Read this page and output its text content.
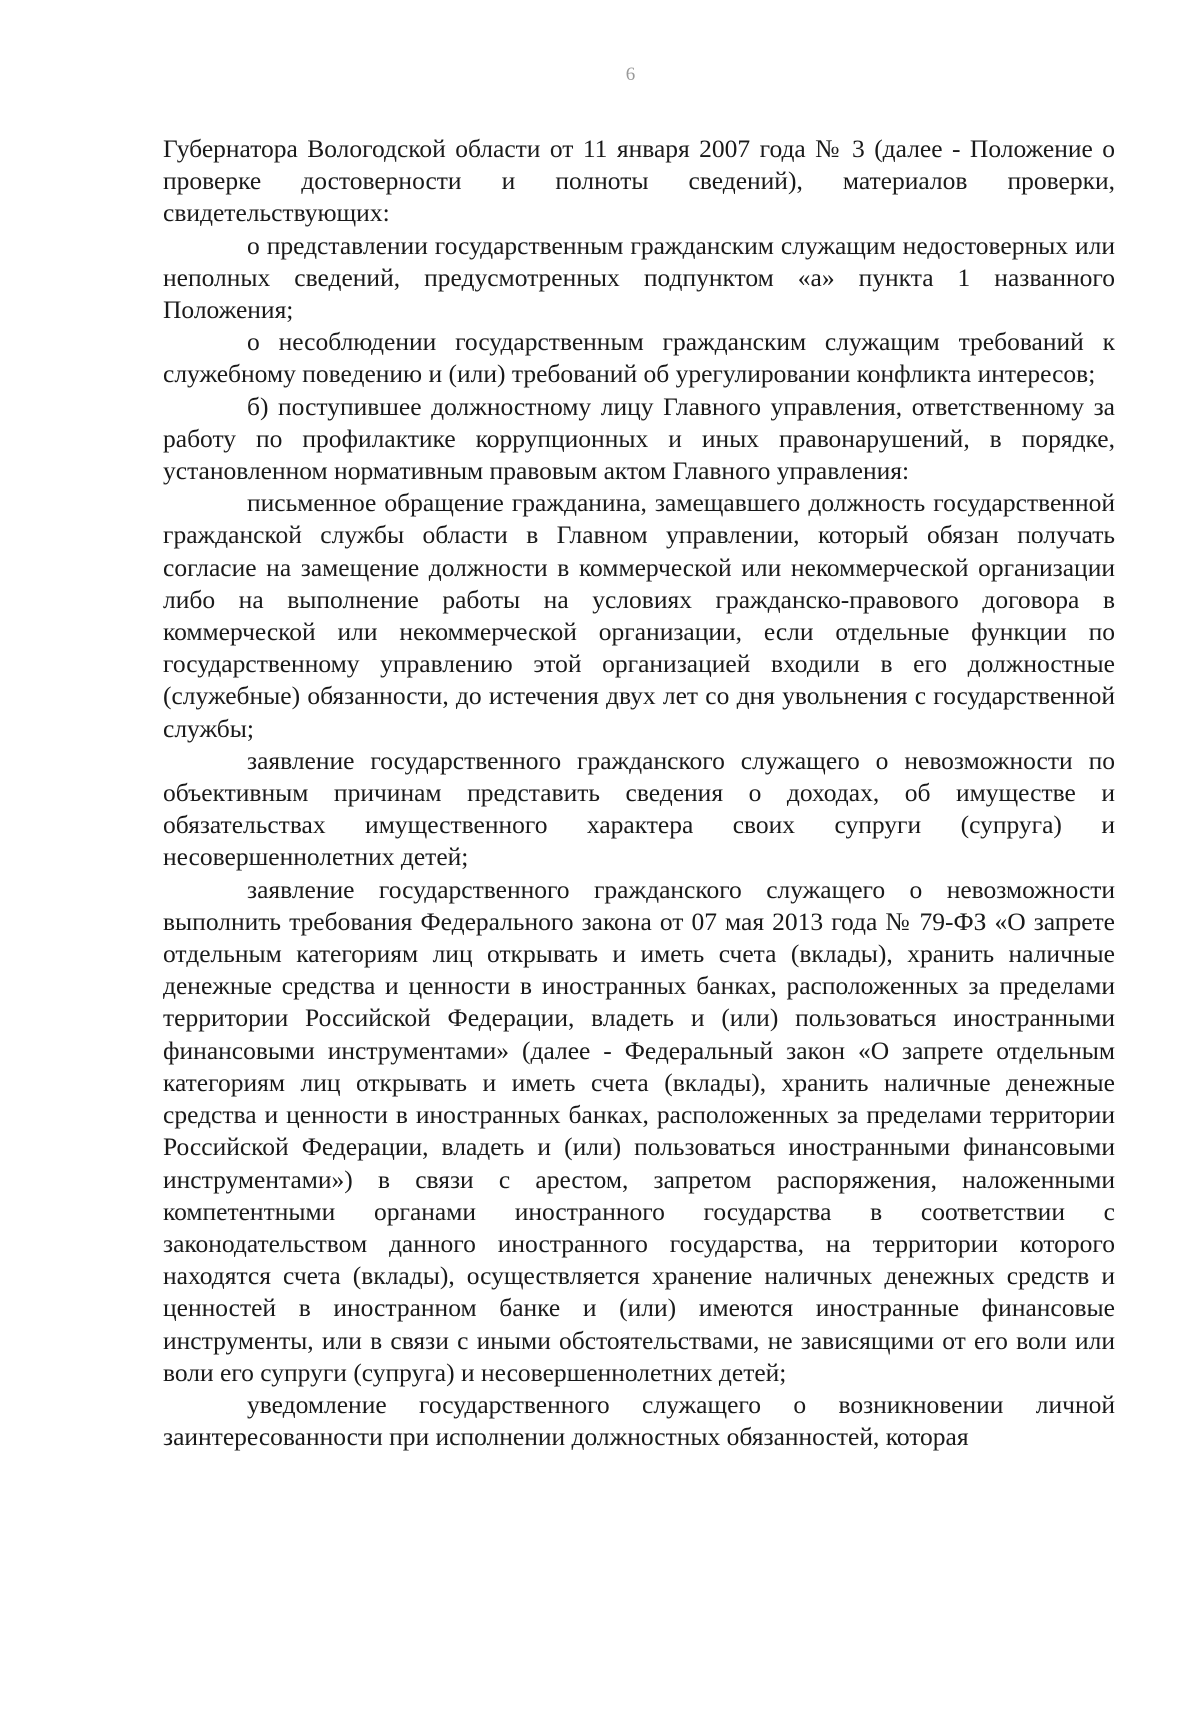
6

Губернатора Вологодской области от 11 января 2007 года № 3 (далее - Положение о проверке достоверности и полноты сведений), материалов проверки, свидетельствующих:

о представлении государственным гражданским служащим недостоверных или неполных сведений, предусмотренных подпунктом «а» пункта 1 названного Положения;

о несоблюдении государственным гражданским служащим требований к служебному поведению и (или) требований об урегулировании конфликта интересов;

б) поступившее должностному лицу Главного управления, ответственному за работу по профилактике коррупционных и иных правонарушений, в порядке, установленном нормативным правовым актом Главного управления:

письменное обращение гражданина, замещавшего должность государственной гражданской службы области в Главном управлении, который обязан получать согласие на замещение должности в коммерческой или некоммерческой организации либо на выполнение работы на условиях гражданско-правового договора в коммерческой или некоммерческой организации, если отдельные функции по государственному управлению этой организацией входили в его должностные (служебные) обязанности, до истечения двух лет со дня увольнения с государственной службы;

заявление государственного гражданского служащего о невозможности по объективным причинам представить сведения о доходах, об имуществе и обязательствах имущественного характера своих супруги (супруга) и несовершеннолетних детей;

заявление государственного гражданского служащего о невозможности выполнить требования Федерального закона от 07 мая 2013 года № 79-ФЗ «О запрете отдельным категориям лиц открывать и иметь счета (вклады), хранить наличные денежные средства и ценности в иностранных банках, расположенных за пределами территории Российской Федерации, владеть и (или) пользоваться иностранными финансовыми инструментами» (далее - Федеральный закон «О запрете отдельным категориям лиц открывать и иметь счета (вклады), хранить наличные денежные средства и ценности в иностранных банках, расположенных за пределами территории Российской Федерации, владеть и (или) пользоваться иностранными финансовыми инструментами») в связи с арестом, запретом распоряжения, наложенными компетентными органами иностранного государства в соответствии с законодательством данного иностранного государства, на территории которого находятся счета (вклады), осуществляется хранение наличных денежных средств и ценностей в иностранном банке и (или) имеются иностранные финансовые инструменты, или в связи с иными обстоятельствами, не зависящими от его воли или воли его супруги (супруга) и несовершеннолетних детей;

уведомление государственного служащего о возникновении личной заинтересованности при исполнении должностных обязанностей, которая
